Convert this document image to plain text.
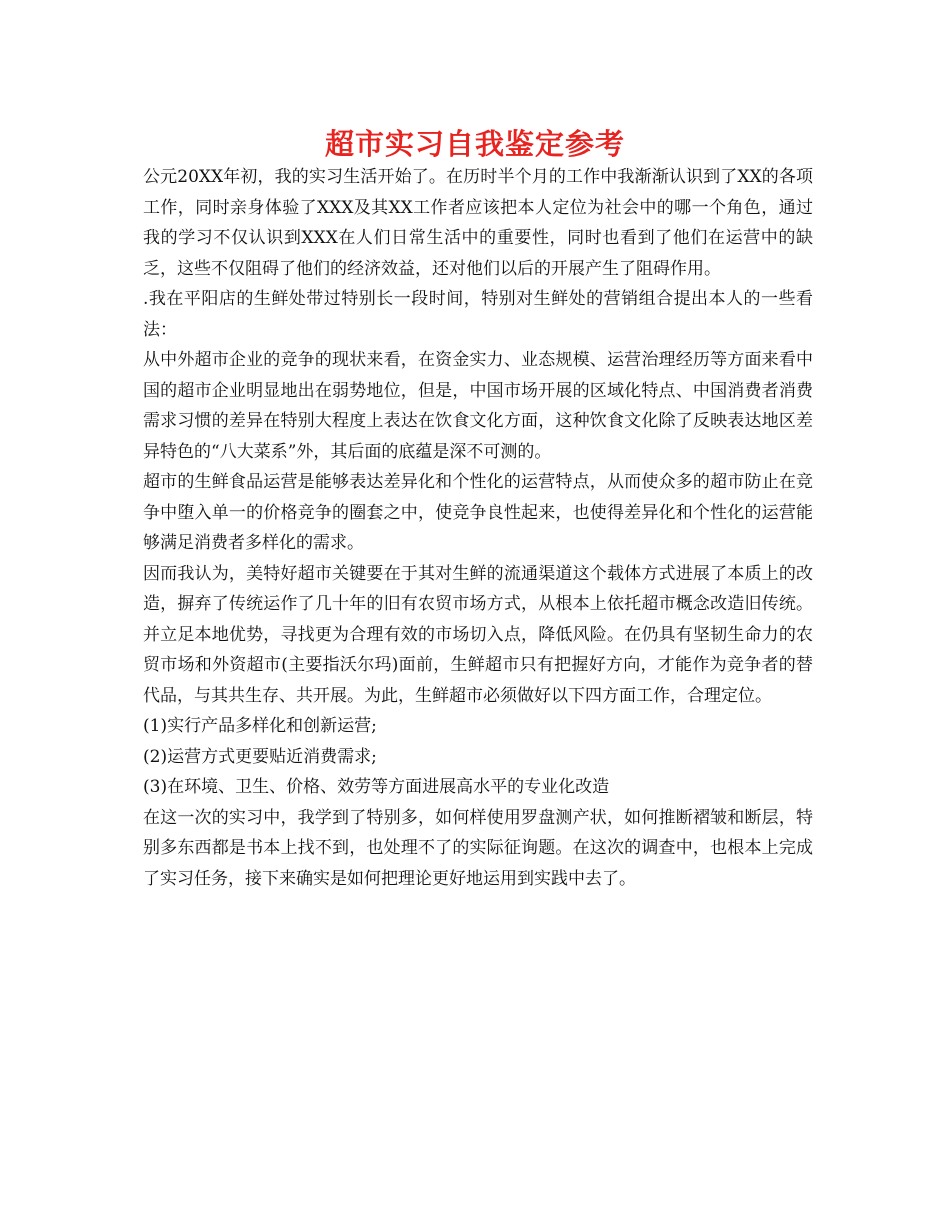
超市实习自我鉴定参考

公元20XX年初，我的实习生活开始了。在历时半个月的工作中我渐渐认识到了XX的各项工作，同时亲身体验了XXX及其XX工作者应该把本人定位为社会中的哪一个角色，通过我的学习不仅认识到XXX在人们日常生活中的重要性，同时也看到了他们在运营中的缺乏，这些不仅阻碍了他们的经济效益，还对他们以后的开展产生了阻碍作用。

.我在平阳店的生鲜处带过特别长一段时间，特别对生鲜处的营销组合提出本人的一些看法：

从中外超市企业的竞争的现状来看，在资金实力、业态规模、运营治理经历等方面来看中国的超市企业明显地出在弱势地位，但是，中国市场开展的区域化特点、中国消费者消费需求习惯的差异在特别大程度上表达在饮食文化方面，这种饮食文化除了反映表达地区差异特色的“八大菜系”外，其后面的底蕴是深不可测的。

超市的生鲜食品运营是能够表达差异化和个性化的运营特点，从而使众多的超市防止在竞争中堕入单一的价格竞争的圈套之中，使竞争良性起来，也使得差异化和个性化的运营能够满足消费者多样化的需求。

因而我认为，美特好超市关键要在于其对生鲜的流通渠道这个载体方式进展了本质上的改造，摒弃了传统运作了几十年的旧有农贸市场方式，从根本上依托超市概念改造旧传统。并立足本地优势，寻找更为合理有效的市场切入点，降低风险。在仍具有坚韧生命力的农贸市场和外资超市(主要指沃尔玛)面前，生鲜超市只有把握好方向，才能作为竞争者的替代品，与其共生存、共开展。为此，生鲜超市必须做好以下四方面工作，合理定位。

(1)实行产品多样化和创新运营;

(2)运营方式更要贴近消费需求;

(3)在环境、卫生、价格、效劳等方面进展高水平的专业化改造

在这一次的实习中，我学到了特别多，如何样使用罗盘测产状，如何推断褶皱和断层，特别多东西都是书本上找不到，也处理不了的实际征询题。在这次的调查中，也根本上完成了实习任务，接下来确实是如何把理论更好地运用到实践中去了。
